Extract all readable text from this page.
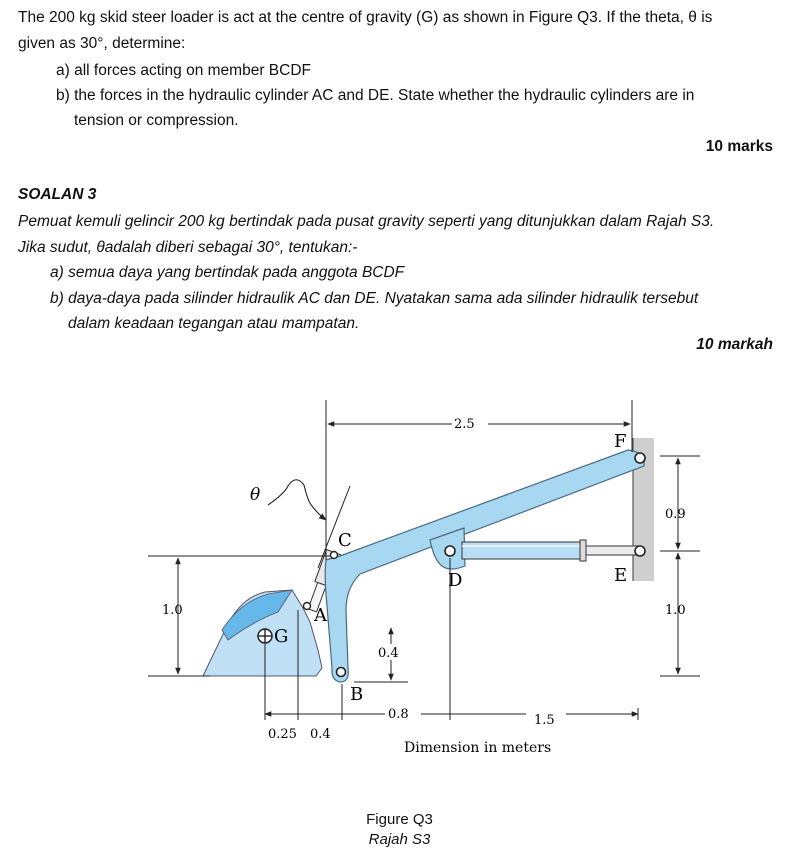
The 200 kg skid steer loader is act at the centre of gravity (G) as shown in Figure Q3. If the theta, θ is
given as 30°, determine:
a) all forces acting on member BCDF
b) the forces in the hydraulic cylinder AC and DE. State whether the hydraulic cylinders are in
tension or compression.
10 marks
SOALAN 3
Pemuat kemuli gelincir 200 kg bertindak pada pusat gravity seperti yang ditunjukkan dalam Rajah S3.
Jika sudut, θadalah diberi sebagai 30°, tentukan:-
a) semua daya yang bertindak pada anggota BCDF
b) daya-daya pada silinder hidraulik AC dan DE. Nyatakan sama ada silinder hidraulik tersebut
dalam keadaan tegangan atau mampatan.
10 markah
θ
C
A
G
B
D	E
F
2.5
1.0
0.9
1.0
0.4
0.25 0.4
0.8	1.5
Dimension in meters
Figure Q3
Rajah S3
